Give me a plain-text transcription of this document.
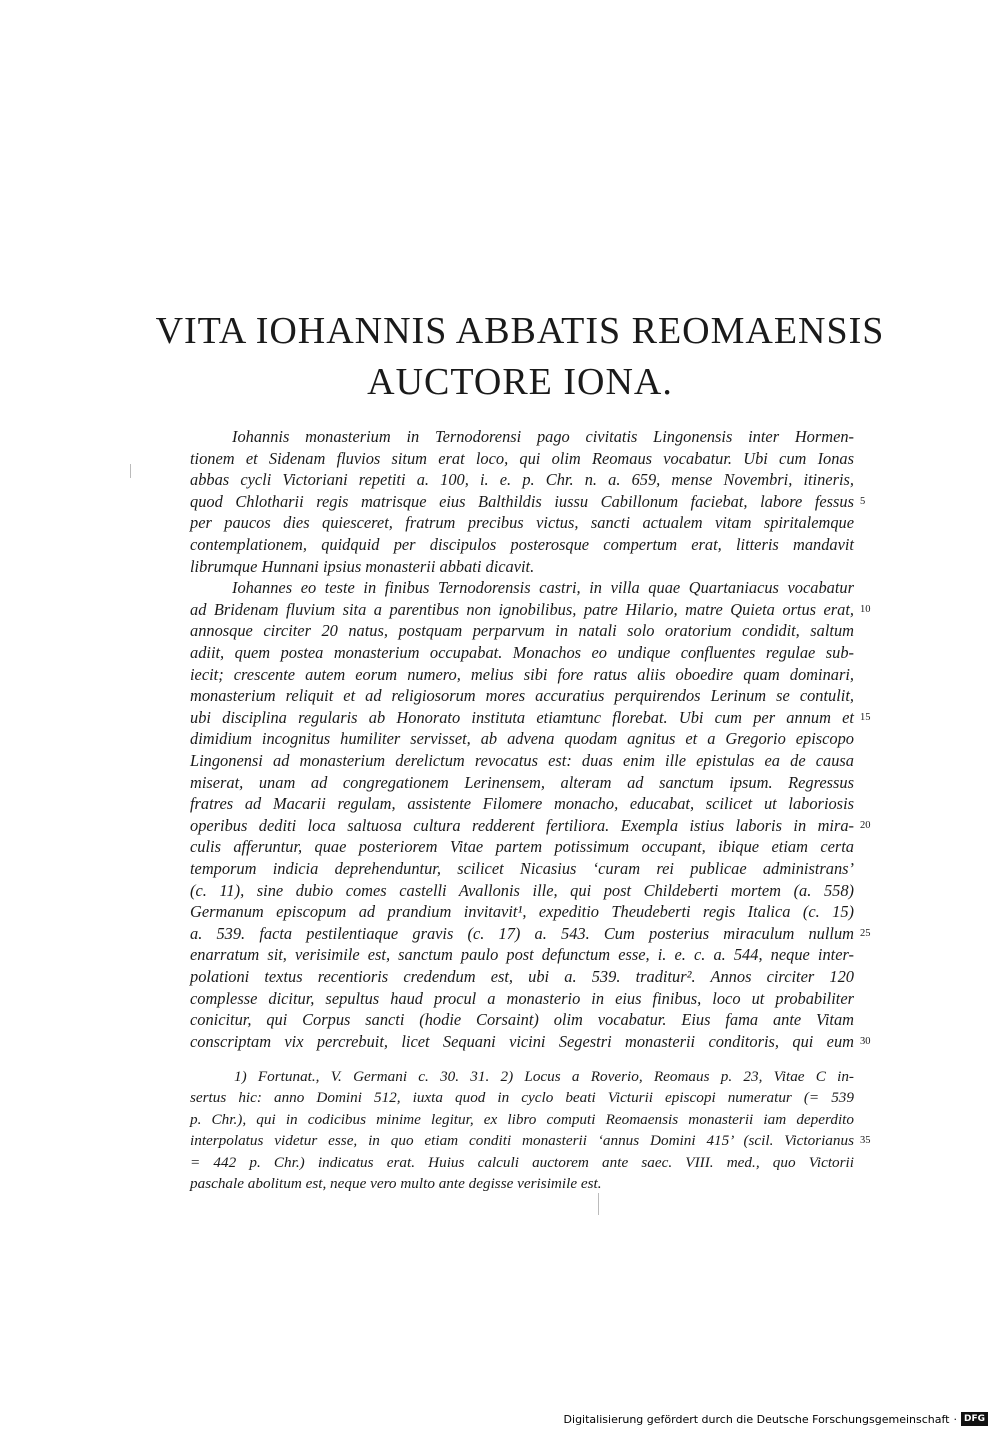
VITA IOHANNIS ABBATIS REOMAENSIS
AUCTORE IONA.
Iohannis monasterium in Ternodorensi pago civitatis Lingonensis inter Hormen-
tionem et Sidenam fluvios situm erat loco, qui olim Reomaus vocabatur. Ubi cum Ionas
abbas cycli Victoriani repetiti a. 100, i. e. p. Chr. n. a. 659, mense Novembri, itineris,
quod Chlotharii regis matrisque eius Balthildis iussu Cabillonum faciebat, labore fessus
per paucos dies quiesceret, fratrum precibus victus, sancti actualem vitam spiritalemque
contemplationem, quidquid per discipulos posterosque compertum erat, litteris mandavit
librumque Hunnani ipsius monasterii abbati dicavit.
Iohannes eo teste in finibus Ternodorensis castri, in villa quae Quartaniacus vocabatur
ad Bridenam fluvium sita a parentibus non ignobilibus, patre Hilario, matre Quieta ortus erat,
annosque circiter 20 natus, postquam perparvum in natali solo oratorium condidit, saltum
adiit, quem postea monasterium occupabat. Monachos eo undique confluentes regulae sub-
iecit; crescente autem eorum numero, melius sibi fore ratus aliis oboedire quam dominari,
monasterium reliquit et ad religiosorum mores accuratius perquirendos Lerinum se contulit,
ubi disciplina regularis ab Honorato instituta etiamtunc florebat. Ubi cum per annum et
dimidium incognitus humiliter servisset, ab advena quodam agnitus et a Gregorio episcopo
Lingonensi ad monasterium derelictum revocatus est: duas enim ille epistulas ea de causa
miserat, unam ad congregationem Lerinensem, alteram ad sanctum ipsum. Regressus
fratres ad Macarii regulam, assistente Filomere monacho, educabat, scilicet ut laboriosis
operibus dediti loca saltuosa cultura redderent fertiliora. Exempla istius laboris in mira-
culis afferuntur, quae posteriorem Vitae partem potissimum occupant, ibique etiam certa
temporum indicia deprehenduntur, scilicet Nicasius ‘curam rei publicae administrans’
(c. 11), sine dubio comes castelli Avallonis ille, qui post Childeberti mortem (a. 558)
Germanum episcopum ad prandium invitavit¹, expeditio Theudeberti regis Italica (c. 15)
a. 539. facta pestilentiaque gravis (c. 17) a. 543. Cum posterius miraculum nullum
enarratum sit, verisimile est, sanctum paulo post defunctum esse, i. e. c. a. 544, neque inter-
polationi textus recentioris credendum est, ubi a. 539. traditur². Annos circiter 120
complesse dicitur, sepultus haud procul a monasterio in eius finibus, loco ut probabiliter
conicitur, qui Corpus sancti (hodie Corsaint) olim vocabatur. Eius fama ante Vitam
conscriptam vix percrebuit, licet Sequani vicini Segestri monasterii conditoris, qui eum
5
10
15
20
25
30
1) Fortunat., V. Germani c. 30. 31. 2) Locus a Roverio, Reomaus p. 23, Vitae C in-
sertus hic: anno Domini 512, iuxta quod in cyclo beati Victurii episcopi numeratur (= 539
p. Chr.), qui in codicibus minime legitur, ex libro computi Reomaensis monasterii iam deperdito
interpolatus videtur esse, in quo etiam conditi monasterii ‘annus Domini 415’ (scil. Victorianus
= 442 p. Chr.) indicatus erat. Huius calculi auctorem ante saec. VIII. med., quo Victorii
paschale abolitum est, neque vero multo ante degisse verisimile est.
35
Digitalisierung gefördert durch die Deutsche Forschungsgemeinschaft · DFG
